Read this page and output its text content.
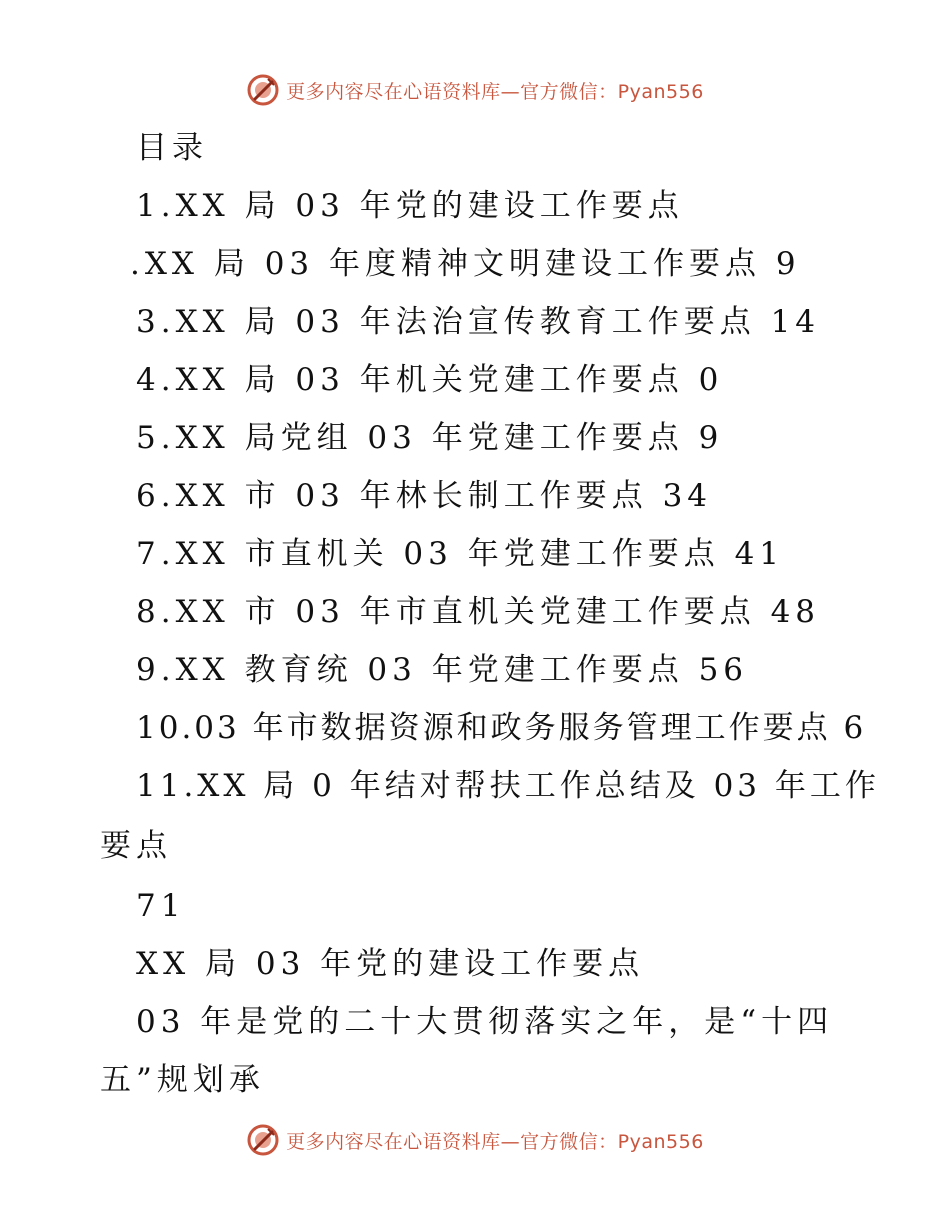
更多内容尽在心语资料库—官方微信：Pyan556
目录
1.XX 局 03 年党的建设工作要点
.XX 局 03 年度精神文明建设工作要点 9
3.XX 局 03 年法治宣传教育工作要点 14
4.XX 局 03 年机关党建工作要点 0
5.XX 局党组 03 年党建工作要点 9
6.XX 市 03 年林长制工作要点 34
7.XX 市直机关 03 年党建工作要点 41
8.XX 市 03 年市直机关党建工作要点 48
9.XX 教育统 03 年党建工作要点 56
10.03 年市数据资源和政务服务管理工作要点 6
11.XX 局 0 年结对帮扶工作总结及 03 年工作
要点
71
XX 局 03 年党的建设工作要点
03 年是党的二十大贯彻落实之年，是“十四
五”规划承
更多内容尽在心语资料库—官方微信：Pyan556
